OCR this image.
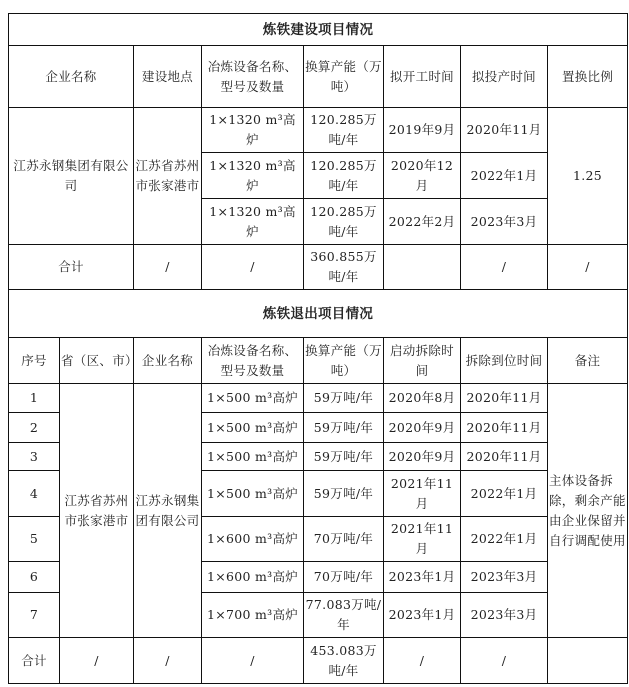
炼铁建设项目情况						
企业名称	建设地点	冶炼设备名称、型号及数量	换算产能（万吨）	拟开工时间	拟投产时间	置换比例
江苏永钢集团有限公司	江苏省苏州市张家港市	1×1320 m³高炉	120.285万吨/年	2019年9月	2020年11月	1.25
		1×1320 m³高炉	120.285万吨/年	2020年12月	2022年1月	
		1×1320 m³高炉	120.285万吨/年	2022年2月	2023年3月	
合计	/	/	360.855万吨/年		/	/
炼铁退出项目情况							
序号	省（区、市）	企业名称	冶炼设备名称、型号及数量	换算产能（万吨）	启动拆除时间	拆除到位时间	备注
1	江苏省苏州市张家港市	江苏永钢集团有限公司	1×500 m³高炉	59万吨/年	2020年8月	2020年11月	主体设备拆除，剩余产能由企业保留并自行调配使用
2			1×500 m³高炉	59万吨/年	2020年9月	2020年11月	
3			1×500 m³高炉	59万吨/年	2020年9月	2020年11月	
4			1×500 m³高炉	59万吨/年	2021年11月	2022年1月	
5			1×600 m³高炉	70万吨/年	2021年11月	2022年1月	
6			1×600 m³高炉	70万吨/年	2023年1月	2023年3月	
7			1×700 m³高炉	77.083万吨/年	2023年1月	2023年3月	
合计	/	/	/	453.083万吨/年	/	/	
